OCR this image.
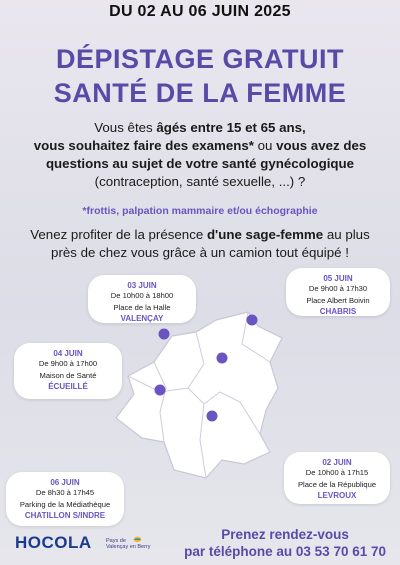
DU 02 AU 06 JUIN 2025
DÉPISTAGE GRATUIT
SANTÉ DE LA FEMME
Vous êtes âgés entre 15 et 65 ans,
vous souhaitez faire des examens* ou vous avez des
questions au sujet de votre santé gynécologique
(contraception, santé sexuelle, ...) ?
*frottis, palpation mammaire et/ou échographie
Venez profiter de la présence d'une sage-femme au plus près de chez vous grâce à un camion tout équipé !
03 JUIN
De 10h00 à 18h00
Place de la Halle
VALENÇAY
05 JUIN
De 9h00 à 17h30
Place Albert Boivin
CHABRIS
04 JUIN
De 9h00 à 17h00
Maison de Santé
ÉCUEILLÉ
02 JUIN
De 10h00 à 17h15
Place de la République
LEVROUX
06 JUIN
De 8h30 à 17h45
Parking de la Médiathèque
CHATILLON S/INDRE
HOCOLA	Pays de
Valençay en Berry
Prenez rendez-vous
par téléphone au 03 53 70 61 70
